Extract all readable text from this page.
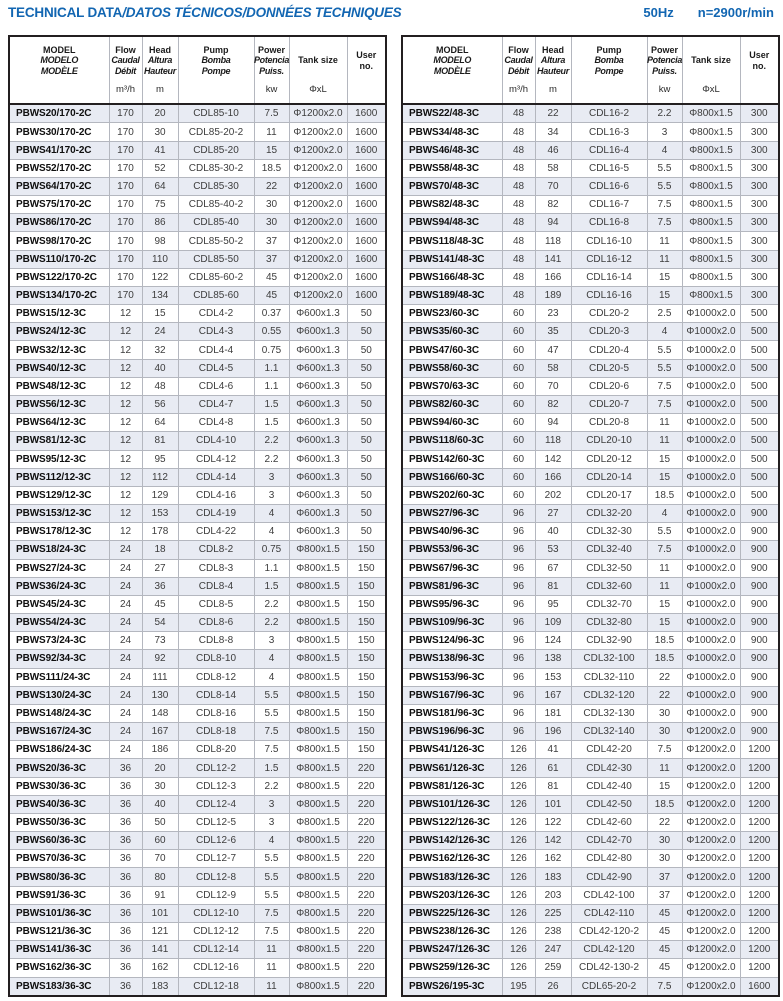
TECHNICAL DATA/DATOS TÉCNICOS/DONNÉES TECHNIQUES	50Hz n=2900r/min
MODEL
MODELO
MODÈLE

Flow
Caudal
Débit
m³/h

Head
Altura
Hauteur
m

Pump
Bomba
Pompe

Power
Potencia
Puiss.
kw

Tank size
ΦxL

User
no.

PBWS20/170-2C	170	20	CDL85-10	7.5	Φ1200x2.0	1600
PBWS30/170-2C	170	30	CDL85-20-2	11	Φ1200x2.0	1600
PBWS41/170-2C	170	41	CDL85-20	15	Φ1200x2.0	1600
PBWS52/170-2C	170	52	CDL85-30-2	18.5	Φ1200x2.0	1600
PBWS64/170-2C	170	64	CDL85-30	22	Φ1200x2.0	1600
PBWS75/170-2C	170	75	CDL85-40-2	30	Φ1200x2.0	1600
PBWS86/170-2C	170	86	CDL85-40	30	Φ1200x2.0	1600
PBWS98/170-2C	170	98	CDL85-50-2	37	Φ1200x2.0	1600
PBWS110/170-2C	170	110	CDL85-50	37	Φ1200x2.0	1600
PBWS122/170-2C	170	122	CDL85-60-2	45	Φ1200x2.0	1600
PBWS134/170-2C	170	134	CDL85-60	45	Φ1200x2.0	1600
PBWS15/12-3C	12	15	CDL4-2	0.37	Φ600x1.3	50
PBWS24/12-3C	12	24	CDL4-3	0.55	Φ600x1.3	50
PBWS32/12-3C	12	32	CDL4-4	0.75	Φ600x1.3	50
PBWS40/12-3C	12	40	CDL4-5	1.1	Φ600x1.3	50
PBWS48/12-3C	12	48	CDL4-6	1.1	Φ600x1.3	50
PBWS56/12-3C	12	56	CDL4-7	1.5	Φ600x1.3	50
PBWS64/12-3C	12	64	CDL4-8	1.5	Φ600x1.3	50
PBWS81/12-3C	12	81	CDL4-10	2.2	Φ600x1.3	50
PBWS95/12-3C	12	95	CDL4-12	2.2	Φ600x1.3	50
PBWS112/12-3C	12	112	CDL4-14	3	Φ600x1.3	50
PBWS129/12-3C	12	129	CDL4-16	3	Φ600x1.3	50
PBWS153/12-3C	12	153	CDL4-19	4	Φ600x1.3	50
PBWS178/12-3C	12	178	CDL4-22	4	Φ600x1.3	50
PBWS18/24-3C	24	18	CDL8-2	0.75	Φ800x1.5	150
PBWS27/24-3C	24	27	CDL8-3	1.1	Φ800x1.5	150
PBWS36/24-3C	24	36	CDL8-4	1.5	Φ800x1.5	150
PBWS45/24-3C	24	45	CDL8-5	2.2	Φ800x1.5	150
PBWS54/24-3C	24	54	CDL8-6	2.2	Φ800x1.5	150
PBWS73/24-3C	24	73	CDL8-8	3	Φ800x1.5	150
PBWS92/34-3C	24	92	CDL8-10	4	Φ800x1.5	150
PBWS111/24-3C	24	111	CDL8-12	4	Φ800x1.5	150
PBWS130/24-3C	24	130	CDL8-14	5.5	Φ800x1.5	150
PBWS148/24-3C	24	148	CDL8-16	5.5	Φ800x1.5	150
PBWS167/24-3C	24	167	CDL8-18	7.5	Φ800x1.5	150
PBWS186/24-3C	24	186	CDL8-20	7.5	Φ800x1.5	150
PBWS20/36-3C	36	20	CDL12-2	1.5	Φ800x1.5	220
PBWS30/36-3C	36	30	CDL12-3	2.2	Φ800x1.5	220
PBWS40/36-3C	36	40	CDL12-4	3	Φ800x1.5	220
PBWS50/36-3C	36	50	CDL12-5	3	Φ800x1.5	220
PBWS60/36-3C	36	60	CDL12-6	4	Φ800x1.5	220
PBWS70/36-3C	36	70	CDL12-7	5.5	Φ800x1.5	220
PBWS80/36-3C	36	80	CDL12-8	5.5	Φ800x1.5	220
PBWS91/36-3C	36	91	CDL12-9	5.5	Φ800x1.5	220
PBWS101/36-3C	36	101	CDL12-10	7.5	Φ800x1.5	220
PBWS121/36-3C	36	121	CDL12-12	7.5	Φ800x1.5	220
PBWS141/36-3C	36	141	CDL12-14	11	Φ800x1.5	220
PBWS162/36-3C	36	162	CDL12-16	11	Φ800x1.5	220
PBWS183/36-3C	36	183	CDL12-18	11	Φ800x1.5	220
MODEL
MODELO
MODÈLE

Flow
Caudal
Débit
m³/h

Head
Altura
Hauteur
m

Pump
Bomba
Pompe

Power
Potencia
Puiss.
kw

Tank size
ΦxL

User
no.

PBWS22/48-3C	48	22	CDL16-2	2.2	Φ800x1.5	300
PBWS34/48-3C	48	34	CDL16-3	3	Φ800x1.5	300
PBWS46/48-3C	48	46	CDL16-4	4	Φ800x1.5	300
PBWS58/48-3C	48	58	CDL16-5	5.5	Φ800x1.5	300
PBWS70/48-3C	48	70	CDL16-6	5.5	Φ800x1.5	300
PBWS82/48-3C	48	82	CDL16-7	7.5	Φ800x1.5	300
PBWS94/48-3C	48	94	CDL16-8	7.5	Φ800x1.5	300
PBWS118/48-3C	48	118	CDL16-10	11	Φ800x1.5	300
PBWS141/48-3C	48	141	CDL16-12	11	Φ800x1.5	300
PBWS166/48-3C	48	166	CDL16-14	15	Φ800x1.5	300
PBWS189/48-3C	48	189	CDL16-16	15	Φ800x1.5	300
PBWS23/60-3C	60	23	CDL20-2	2.5	Φ1000x2.0	500
PBWS35/60-3C	60	35	CDL20-3	4	Φ1000x2.0	500
PBWS47/60-3C	60	47	CDL20-4	5.5	Φ1000x2.0	500
PBWS58/60-3C	60	58	CDL20-5	5.5	Φ1000x2.0	500
PBWS70/63-3C	60	70	CDL20-6	7.5	Φ1000x2.0	500
PBWS82/60-3C	60	82	CDL20-7	7.5	Φ1000x2.0	500
PBWS94/60-3C	60	94	CDL20-8	11	Φ1000x2.0	500
PBWS118/60-3C	60	118	CDL20-10	11	Φ1000x2.0	500
PBWS142/60-3C	60	142	CDL20-12	15	Φ1000x2.0	500
PBWS166/60-3C	60	166	CDL20-14	15	Φ1000x2.0	500
PBWS202/60-3C	60	202	CDL20-17	18.5	Φ1000x2.0	500
PBWS27/96-3C	96	27	CDL32-20	4	Φ1000x2.0	900
PBWS40/96-3C	96	40	CDL32-30	5.5	Φ1000x2.0	900
PBWS53/96-3C	96	53	CDL32-40	7.5	Φ1000x2.0	900
PBWS67/96-3C	96	67	CDL32-50	11	Φ1000x2.0	900
PBWS81/96-3C	96	81	CDL32-60	11	Φ1000x2.0	900
PBWS95/96-3C	96	95	CDL32-70	15	Φ1000x2.0	900
PBWS109/96-3C	96	109	CDL32-80	15	Φ1000x2.0	900
PBWS124/96-3C	96	124	CDL32-90	18.5	Φ1000x2.0	900
PBWS138/96-3C	96	138	CDL32-100	18.5	Φ1000x2.0	900
PBWS153/96-3C	96	153	CDL32-110	22	Φ1000x2.0	900
PBWS167/96-3C	96	167	CDL32-120	22	Φ1000x2.0	900
PBWS181/96-3C	96	181	CDL32-130	30	Φ1000x2.0	900
PBWS196/96-3C	96	196	CDL32-140	30	Φ1200x2.0	900
PBWS41/126-3C	126	41	CDL42-20	7.5	Φ1200x2.0	1200
PBWS61/126-3C	126	61	CDL42-30	11	Φ1200x2.0	1200
PBWS81/126-3C	126	81	CDL42-40	15	Φ1200x2.0	1200
PBWS101/126-3C	126	101	CDL42-50	18.5	Φ1200x2.0	1200
PBWS122/126-3C	126	122	CDL42-60	22	Φ1200x2.0	1200
PBWS142/126-3C	126	142	CDL42-70	30	Φ1200x2.0	1200
PBWS162/126-3C	126	162	CDL42-80	30	Φ1200x2.0	1200
PBWS183/126-3C	126	183	CDL42-90	37	Φ1200x2.0	1200
PBWS203/126-3C	126	203	CDL42-100	37	Φ1200x2.0	1200
PBWS225/126-3C	126	225	CDL42-110	45	Φ1200x2.0	1200
PBWS238/126-3C	126	238	CDL42-120-2	45	Φ1200x2.0	1200
PBWS247/126-3C	126	247	CDL42-120	45	Φ1200x2.0	1200
PBWS259/126-3C	126	259	CDL42-130-2	45	Φ1200x2.0	1200
PBWS26/195-3C	195	26	CDL65-20-2	7.5	Φ1200x2.0	1600
